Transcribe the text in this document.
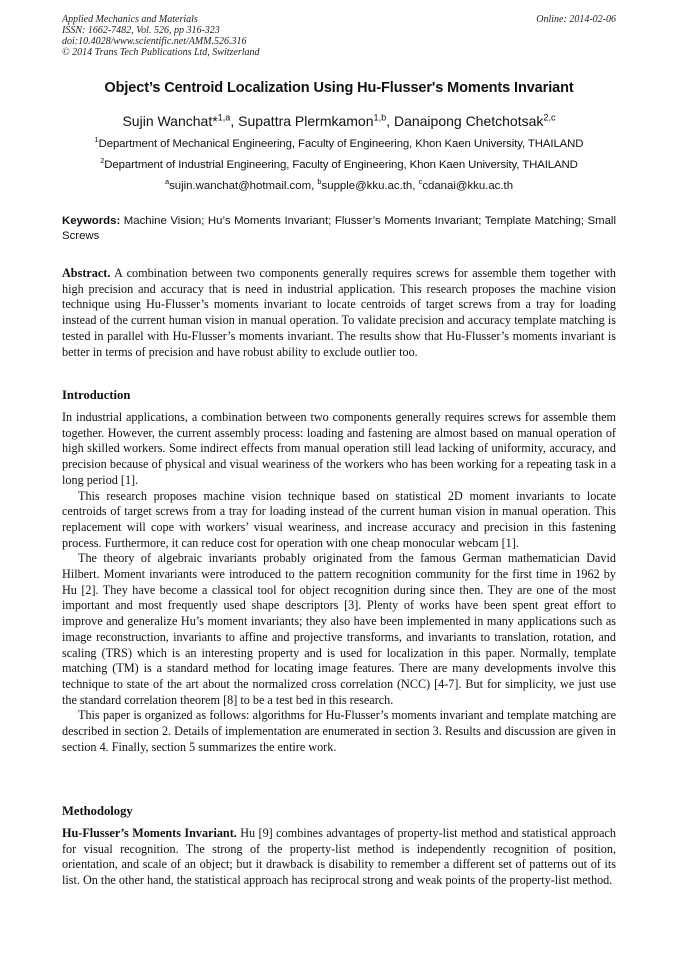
Applied Mechanics and Materials
ISSN: 1662-7482, Vol. 526, pp 316-323
doi:10.4028/www.scientific.net/AMM.526.316
© 2014 Trans Tech Publications Ltd, Switzerland
Online: 2014-02-06
Object’s Centroid Localization Using Hu-Flusser's Moments Invariant
Sujin Wanchat*$^{1,a}$, Supattra Plermkamon$^{1,b}$, Danaipong Chetchotsak$^{2,c}$
$^1$Department of Mechanical Engineering, Faculty of Engineering, Khon Kaen University, THAILAND
$^2$Department of Industrial Engineering, Faculty of Engineering, Khon Kaen University, THAILAND
$^a$sujin.wanchat@hotmail.com, $^b$supple@kku.ac.th, $^c$cdanai@kku.ac.th
Keywords: Machine Vision; Hu’s Moments Invariant; Flusser’s Moments Invariant; Template Matching; Small Screws
Abstract. A combination between two components generally requires screws for assemble them together with high precision and accuracy that is need in industrial application. This research proposes the machine vision technique using Hu-Flusser’s moments invariant to locate centroids of target screws from a tray for loading instead of the current human vision in manual operation. To validate precision and accuracy template matching is tested in parallel with Hu-Flusser’s moments invariant. The results show that Hu-Flusser’s moments invariant is better in terms of precision and have robust ability to exclude outlier too.
Introduction

In industrial applications, a combination between two components generally requires screws for assemble them together. However, the current assembly process: loading and fastening are almost based on manual operation of high skilled workers. Some indirect effects from manual operation still lead lacking of uniformity, accuracy, and precision because of physical and visual weariness of the workers who has been working for a repeating task in a long period [1].

This research proposes machine vision technique based on statistical 2D moment invariants to locate centroids of target screws from a tray for loading instead of the current human vision in manual operation. This replacement will cope with workers’ visual weariness, and increase accuracy and precision in this fastening process. Furthermore, it can reduce cost for operation with one cheap monocular webcam [1].

The theory of algebraic invariants probably originated from the famous German mathematician David Hilbert. Moment invariants were introduced to the pattern recognition community for the first time in 1962 by Hu [2]. They have become a classical tool for object recognition during since then. They are one of the most important and most frequently used shape descriptors [3]. Plenty of works have been spent great effort to improve and generalize Hu’s moment invariants; they also have been implemented in many applications such as image reconstruction, invariants to affine and projective transforms, and invariants to translation, rotation, and scaling (TRS) which is an interesting property and is used for localization in this paper. Normally, template matching (TM) is a standard method for locating image features. There are many developments involve this technique to state of the art about the normalized cross correlation (NCC) [4-7]. But for simplicity, we just use the standard correlation theorem [8] to be a test bed in this research.

This paper is organized as follows: algorithms for Hu-Flusser’s moments invariant and template matching are described in section 2. Details of implementation are enumerated in section 3. Results and discussion are given in section 4. Finally, section 5 summarizes the entire work.

Methodology
Hu-Flusser’s Moments Invariant. Hu [9] combines advantages of property-list method and statistical approach for visual recognition. The strong of the property-list method is independently recognition of position, orientation, and scale of an object; but it drawback is disability to remember a different set of patterns out of its list. On the other hand, the statistical approach has reciprocal strong and weak points of the property-list method.
